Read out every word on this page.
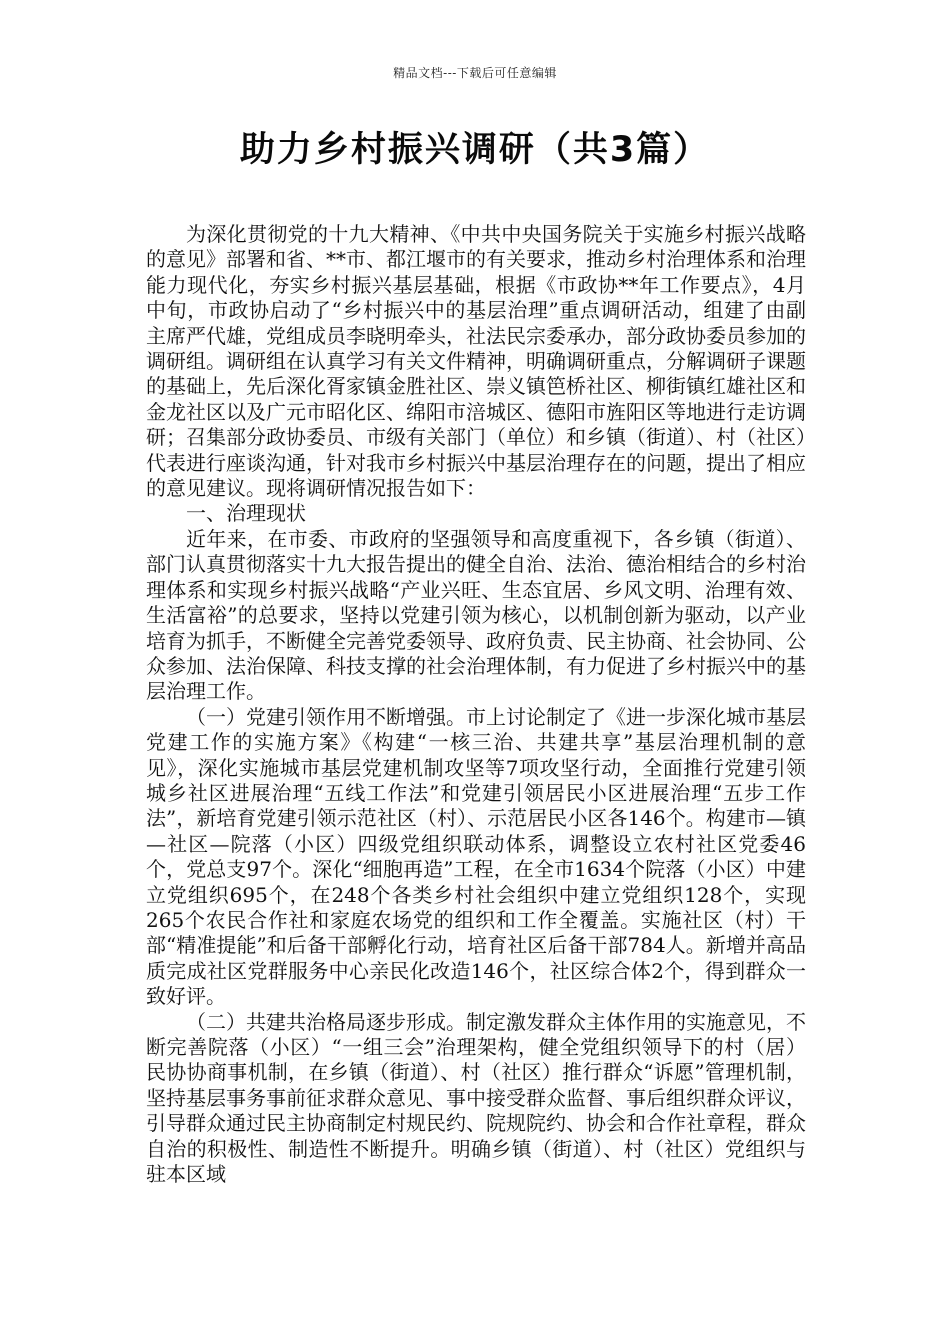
精品文档---下载后可任意编辑
助力乡村振兴调研（共3篇）

为深化贯彻党的十九大精神、《中共中央国务院关于实施乡村振兴战略的意见》部署和省、**市、都江堰市的有关要求，推动乡村治理体系和治理能力现代化，夯实乡村振兴基层基础，根据《市政协**年工作要点》，4月中旬，市政协启动了“乡村振兴中的基层治理”重点调研活动，组建了由副主席严代雄，党组成员李晓明牵头，社法民宗委承办，部分政协委员参加的调研组。调研组在认真学习有关文件精神，明确调研重点，分解调研子课题的基础上，先后深化胥家镇金胜社区、崇义镇笆桥社区、柳街镇红雄社区和金龙社区以及广元市昭化区、绵阳市涪城区、德阳市旌阳区等地进行走访调研；召集部分政协委员、市级有关部门（单位）和乡镇（街道）、村（社区）代表进行座谈沟通，针对我市乡村振兴中基层治理存在的问题，提出了相应的意见建议。现将调研情况报告如下：

一、治理现状

近年来，在市委、市政府的坚强领导和高度重视下，各乡镇（街道）、部门认真贯彻落实十九大报告提出的健全自治、法治、德治相结合的乡村治理体系和实现乡村振兴战略“产业兴旺、生态宜居、乡风文明、治理有效、生活富裕”的总要求，坚持以党建引领为核心，以机制创新为驱动，以产业培育为抓手，不断健全完善党委领导、政府负责、民主协商、社会协同、公众参加、法治保障、科技支撑的社会治理体制，有力促进了乡村振兴中的基层治理工作。

（一）党建引领作用不断增强。市上讨论制定了《进一步深化城市基层党建工作的实施方案》《构建“一核三治、共建共享”基层治理机制的意见》，深化实施城市基层党建机制攻坚等7项攻坚行动，全面推行党建引领城乡社区进展治理“五线工作法”和党建引领居民小区进展治理“五步工作法”，新培育党建引领示范社区（村）、示范居民小区各146个。构建市—镇—社区—院落（小区）四级党组织联动体系，调整设立农村社区党委46个，党总支97个。深化“细胞再造”工程，在全市1634个院落（小区）中建立党组织695个，在248个各类乡村社会组织中建立党组织128个，实现265个农民合作社和家庭农场党的组织和工作全覆盖。实施社区（村）干部“精准提能”和后备干部孵化行动，培育社区后备干部784人。新增并高品质完成社区党群服务中心亲民化改造146个，社区综合体2个，得到群众一致好评。

（二）共建共治格局逐步形成。制定激发群众主体作用的实施意见，不断完善院落（小区）“一组三会”治理架构，健全党组织领导下的村（居）民协协商事机制，在乡镇（街道）、村（社区）推行群众“诉愿”管理机制，坚持基层事务事前征求群众意见、事中接受群众监督、事后组织群众评议，引导群众通过民主协商制定村规民约、院规院约、协会和合作社章程，群众自治的积极性、制造性不断提升。明确乡镇（街道）、村（社区）党组织与驻本区域
